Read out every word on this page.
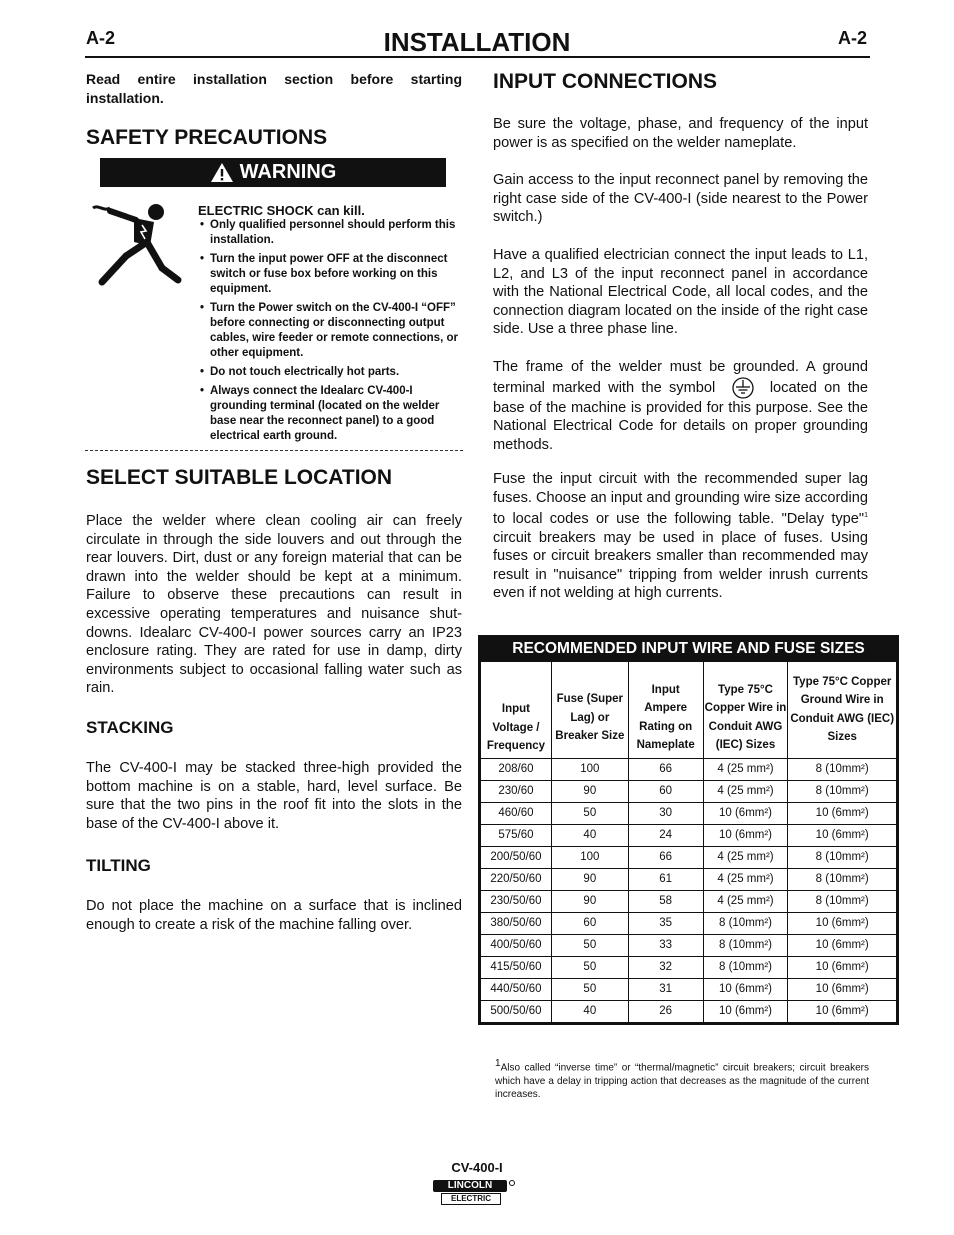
A-2	INSTALLATION	A-2
Read entire installation section before starting installation.
SAFETY PRECAUTIONS
WARNING
ELECTRIC SHOCK can kill.
• Only qualified personnel should perform this installation.
• Turn the input power OFF at the disconnect switch or fuse box before working on this equipment.
• Turn the Power switch on the CV-400-I “OFF” before connecting or disconnecting output cables, wire feeder or remote connections, or other equipment.
• Do not touch electrically hot parts.
• Always connect the Idealarc CV-400-I grounding terminal (located on the welder base near the reconnect panel) to a good electrical earth ground.
SELECT SUITABLE LOCATION
Place the welder where clean cooling air can freely circulate in through the side louvers and out through the rear louvers. Dirt, dust or any foreign material that can be drawn into the welder should be kept at a minimum. Failure to observe these precautions can result in excessive operating temperatures and nuisance shut-downs. Idealarc CV-400-I power sources carry an IP23 enclosure rating. They are rated for use in damp, dirty environments subject to occasional falling water such as rain.
STACKING
The CV-400-I may be stacked three-high provided the bottom machine is on a stable, hard, level surface. Be sure that the two pins in the roof fit into the slots in the base of the CV-400-I above it.
TILTING
Do not place the machine on a surface that is inclined enough to create a risk of the machine falling over.
INPUT CONNECTIONS
Be sure the voltage, phase, and frequency of the input power is as specified on the welder nameplate.
Gain access to the input reconnect panel by removing the right case side of the CV-400-I (side nearest to the Power switch.)
Have a qualified electrician connect the input leads to L1, L2, and L3 of the input reconnect panel in accordance with the National Electrical Code, all local codes, and the connection diagram located on the inside of the right case side. Use a three phase line.
The frame of the welder must be grounded. A ground terminal marked with the symbol	located on the base of the machine is provided for this purpose. See the National Electrical Code for details on proper grounding methods.
Fuse the input circuit with the recommended super lag fuses. Choose an input and grounding wire size according to local codes or use the following table. "Delay type"$^1$ circuit breakers may be used in place of fuses. Using fuses or circuit breakers smaller than recommended may result in "nuisance" tripping from welder inrush currents even if not welding at high currents.
RECOMMENDED INPUT WIRE AND FUSE SIZES
Input Voltage / Frequency	Fuse (Super Lag) or Breaker Size	Input Ampere Rating on Nameplate	Type 75°C Copper Wire in Conduit AWG (IEC) Sizes	Type 75°C Copper Ground Wire in Conduit AWG (IEC) Sizes
208/60	100	66	4 (25 mm²)	8 (10mm²)
230/60	90	60	4 (25 mm²)	8 (10mm²)
460/60	50	30	10 (6mm²)	10 (6mm²)
575/60	40	24	10 (6mm²)	10 (6mm²)
200/50/60	100	66	4 (25 mm²)	8 (10mm²)
220/50/60	90	61	4 (25 mm²)	8 (10mm²)
230/50/60	90	58	4 (25 mm²)	8 (10mm²)
380/50/60	60	35	8 (10mm²)	10 (6mm²)
400/50/60	50	33	8 (10mm²)	10 (6mm²)
415/50/60	50	32	8 (10mm²)	10 (6mm²)
440/50/60	50	31	10 (6mm²)	10 (6mm²)
500/50/60	40	26	10 (6mm²)	10 (6mm²)
$^1$Also called “inverse time” or “thermal/magnetic” circuit breakers; circuit breakers which have a delay in tripping action that decreases as the magnitude of the current increases.
CV-400-I
LINCOLN
ELECTRIC
